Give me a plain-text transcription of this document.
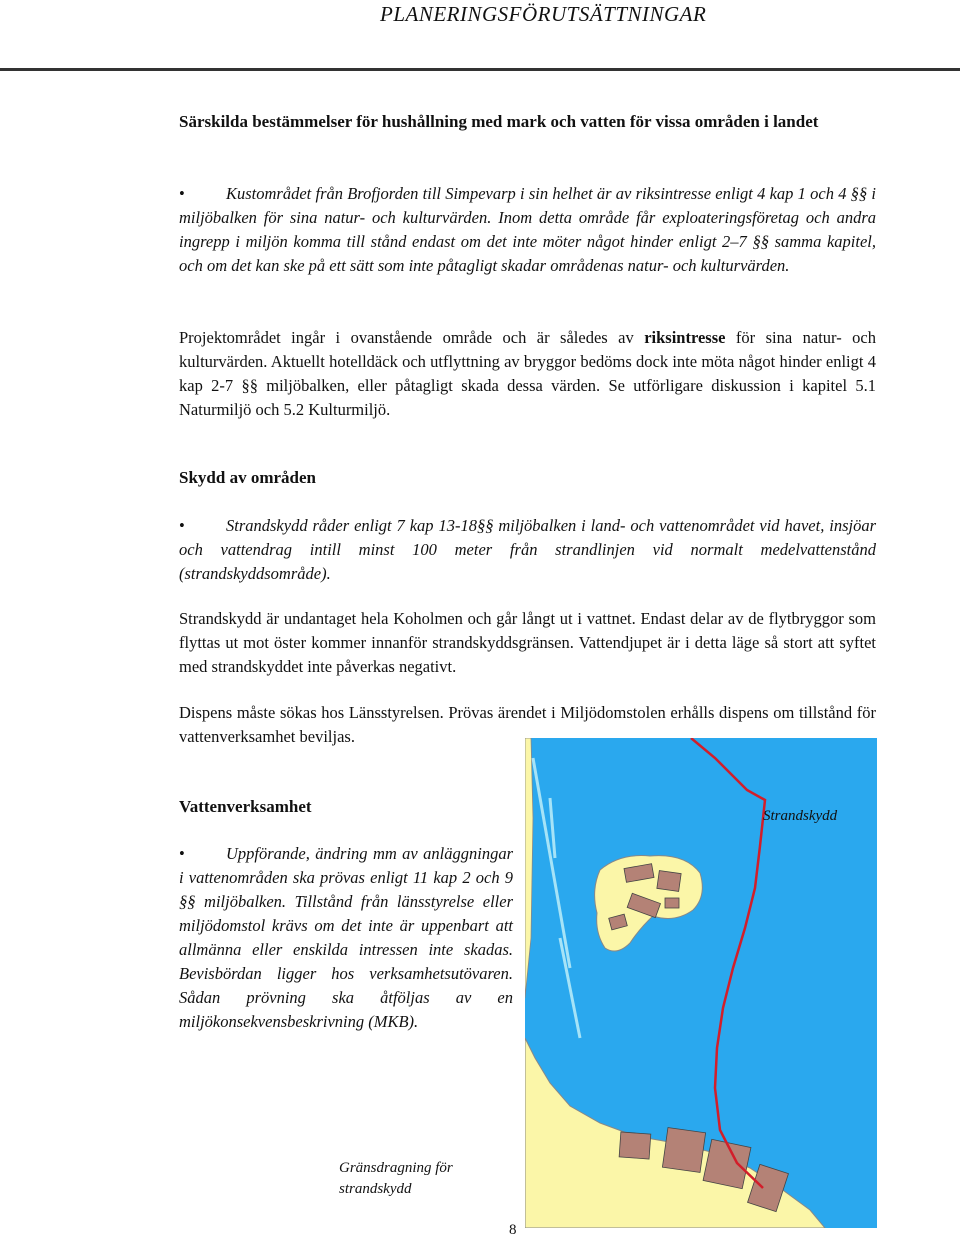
PLANERINGSFÖRUTSÄTTNINGAR
Särskilda bestämmelser för hushållning med mark och vatten för vissa områden i landet
• Kustområdet från Brofjorden till Simpevarp i sin helhet är av riksintresse enligt 4 kap 1 och 4 §§ i miljöbalken för sina natur- och kulturvärden. Inom detta område får exploateringsföretag och andra ingrepp i miljön komma till stånd endast om det inte möter något hinder enligt 2–7 §§ samma kapitel, och om det kan ske på ett sätt som inte påtagligt skadar områdenas natur- och kulturvärden.
Projektområdet ingår i ovanstående område och är således av riksintresse för sina natur- och kulturvärden. Aktuellt hotelldäck och utflyttning av bryggor bedöms dock inte möta något hinder enligt 4 kap 2-7 §§ miljöbalken, eller påtagligt skada dessa värden. Se utförligare diskussion i kapitel 5.1 Naturmiljö och 5.2 Kulturmiljö.
Skydd av områden
• Strandskydd råder enligt 7 kap 13-18§§ miljöbalken i land- och vattenområdet vid havet, insjöar och vattendrag intill minst 100 meter från strandlinjen vid normalt medelvattenstånd (strandskyddsområde).
Strandskydd är undantaget hela Koholmen och går långt ut i vattnet. Endast delar av de flytbryggor som flyttas ut mot öster kommer innanför strandskyddsgränsen. Vattendjupet är i detta läge så stort att syftet med strandskyddet inte påverkas negativt.
Dispens måste sökas hos Länsstyrelsen. Prövas ärendet i Miljödomstolen erhålls dispens om tillstånd för vattenverksamhet beviljas.
Vattenverksamhet
• Uppförande, ändring mm av anläggningar i vattenområden ska prövas enligt 11 kap 2 och 9 §§ miljöbalken. Tillstånd från länsstyrelse eller miljödomstol krävs om det inte är uppenbart att allmänna eller enskilda intressen inte skadas. Bevisbördan ligger hos verksamhetsutövaren. Sådan prövning ska åtföljas av en miljökonsekvensbeskrivning (MKB).
Strandskydd
Gränsdragning för strandskydd
8
